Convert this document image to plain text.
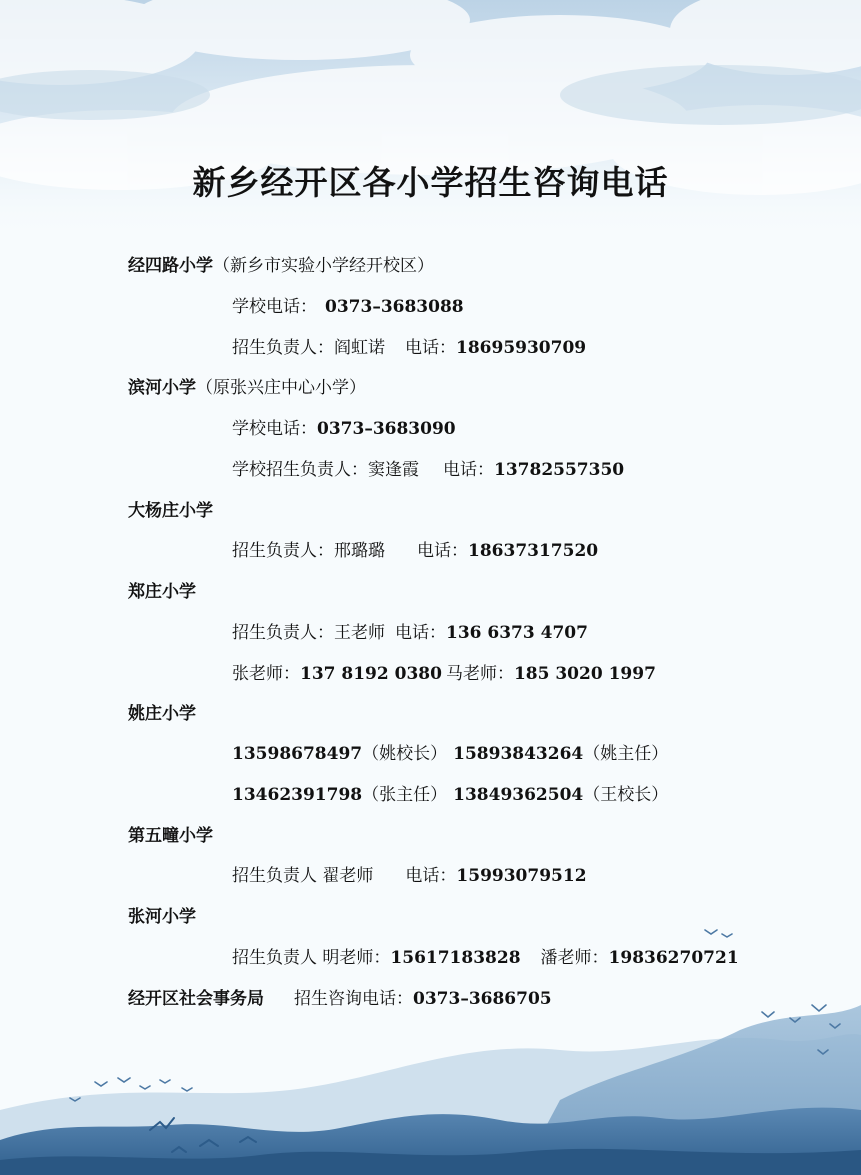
新乡经开区各小学招生咨询电话
经四路小学（新乡市实验小学经开校区）
学校电话： 0373–3683088
招生负责人：阎虹诺 电话：18695930709
滨河小学（原张兴庄中心小学）
学校电话：0373–3683090
学校招生负责人：窦逢霞 电话：13782557350
大杨庄小学
招生负责人：邢璐璐 电话：18637317520
郑庄小学
招生负责人：王老师 电话：136 6373 4707
张老师：137 8192 0380 马老师：185 3020 1997
姚庄小学
13598678497（姚校长） 15893843264（姚主任）
13462391798（张主任） 13849362504（王校长）
第五疃小学
招生负责人 翟老师 电话：15993079512
张河小学
招生负责人 明老师：15617183828 潘老师：19836270721
经开区社会事务局 招生咨询电话：0373–3686705
